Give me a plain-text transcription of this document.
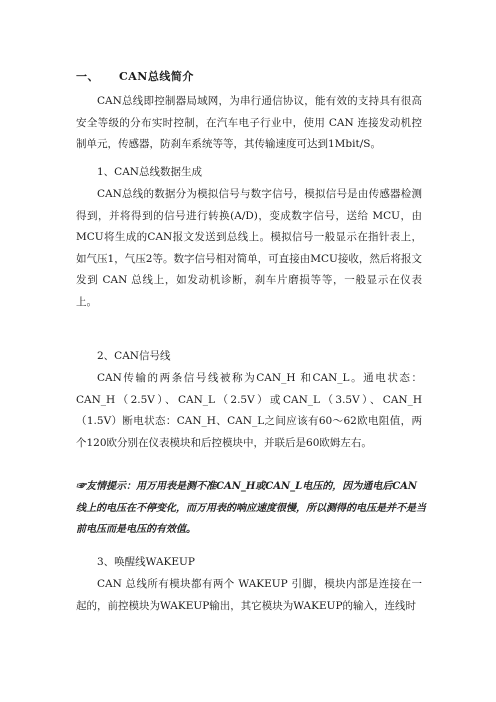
一、 CAN总线简介

CAN总线即控制器局域网，为串行通信协议，能有效的支持具有很高安全等级的分布实时控制，在汽车电子行业中，使用 CAN 连接发动机控制单元，传感器，防刹车系统等等，其传输速度可达到1Mbit/S。

1、CAN总线数据生成

CAN总线的数据分为模拟信号与数字信号，模拟信号是由传感器检测得到，并将得到的信号进行转换(A/D)，变成数字信号，送给 MCU，由MCU将生成的CAN报文发送到总线上。模拟信号一般显示在指针表上，如气压1，气压2等。数字信号相对简单，可直接由MCU接收，然后将报文发到 CAN 总线上，如发动机诊断，刹车片磨损等等，一般显示在仪表上。

2、CAN信号线

CAN传输的两条信号线被称为CAN_H 和CAN_L。通电状态：CAN_H（2.5V）、CAN_L（2.5V）或CAN_L（3.5V）、CAN_H（1.5V）断电状态：CAN_H、CAN_L之间应该有60～62欧电阻值，两个120欧分别在仪表模块和后控模块中，并联后是60欧姆左右。

☞友情提示：用万用表是测不准CAN_H或CAN_L电压的，因为通电后CAN线上的电压在不停变化，而万用表的响应速度很慢，所以测得的电压是并不是当前电压而是电压的有效值。

3、唤醒线WAKEUP

CAN 总线所有模块都有两个 WAKEUP 引脚，模块内部是连接在一起的，前控模块为WAKEUP输出，其它模块为WAKEUP的输入，连线时
